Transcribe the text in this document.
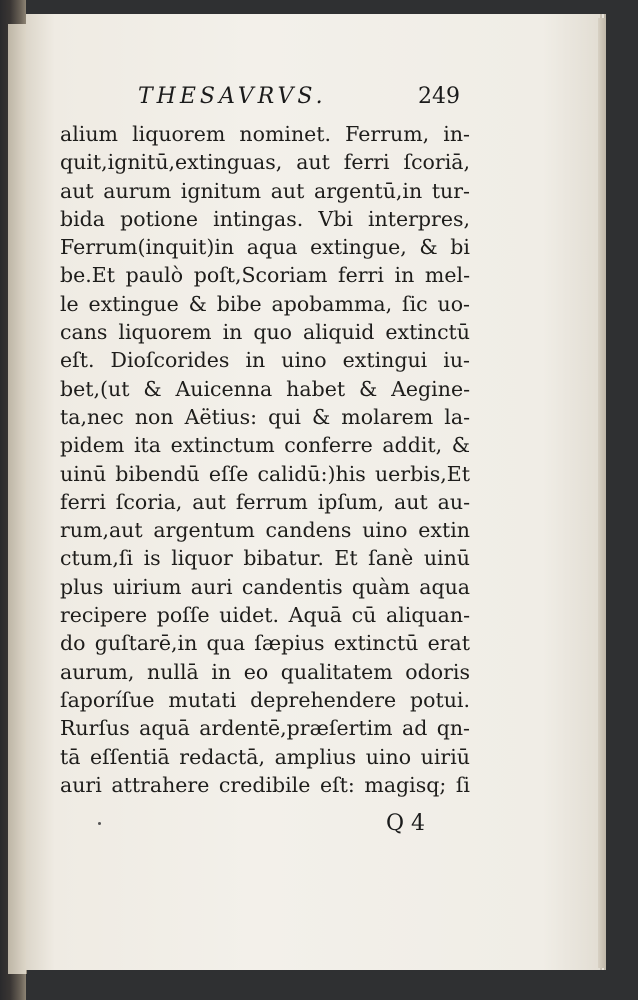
THESAVRVS.	249
alium liquorem nominet. Ferrum, in-
quit,ignitū,extinguas, aut ferri ſcoriā,
aut aurum ignitum aut argentū,in tur-
bida potione intingas. Vbi interpres,
Ferrum(inquit)in aqua extingue, & bi
be.Et paulò poſt,Scoriam ferri in mel-
le extingue & bibe apobamma, ſic uo-
cans liquorem in quo aliquid extinctū
eſt. Dioſcorides in uino extingui iu-
bet,(ut & Auicenna habet & Aegine-
ta,nec non Aëtius: qui & molarem la-
pidem ita extinctum conferre addit, &
uinū bibendū eſſe calidū:)his uerbis,Et
ferri ſcoria, aut ferrum ipſum, aut au-
rum,aut argentum candens uino extin
ctum,ſi is liquor bibatur. Et ſanè uinū
plus uirium auri candentis quàm aqua
recipere poſſe uidet. Aquā cū aliquan-
do guſtarē,in qua ſæpius extinctū erat
aurum, nullā in eo qualitatem odoris
ſaporíſue mutati deprehendere potui.
Rurſus aquā ardentē,præſertim ad qn-
tā eſſentiā redactā, amplius uino uiriū
auri attrahere credibile eſt: magisq; ſi
Q 4
